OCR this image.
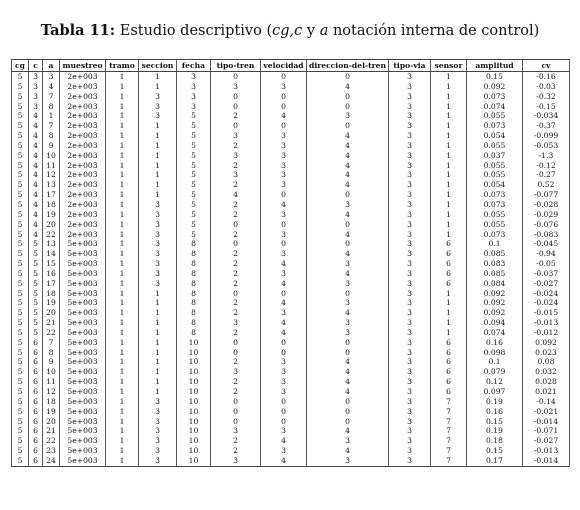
Tabla 11: Estudio descriptivo (cg,c y a notación interna de control)
cg	c	a	muestreo	tramo	seccion	fecha	tipo-tren	velocidad	direccion-del-tren	tipo-via	sensor	amplitud	cv
5	3	3	2e+003	1	1	3	0	0	0	3	1	0.15	-0.16
5	3	4	2e+003	1	1	3	3	3	4	3	1	0.092	-0.03
5	3	7	2e+003	1	3	3	0	0	0	3	1	0.073	-0.32
5	3	8	2e+003	1	3	3	0	0	0	3	1	0.074	-0.15
5	4	1	2e+003	1	3	5	2	4	3	3	1	0.055	-0.034
5	4	7	2e+003	1	1	5	0	0	0	3	1	0.073	-0.37
5	4	8	2e+003	1	1	5	3	3	4	3	1	0.054	-0.099
5	4	9	2e+003	1	1	5	2	3	4	3	1	0.055	-0.053
5	4	10	2e+003	1	1	5	3	3	4	3	1	0.037	-1.3
5	4	11	2e+003	1	1	5	2	3	4	3	1	0.055	-0.12
5	4	12	2e+003	1	1	5	3	3	4	3	1	0.055	-0.27
5	4	13	2e+003	1	1	5	2	3	4	3	1	0.054	0.52
5	4	17	2e+003	1	1	5	4	0	0	3	1	0.073	-0.077
5	4	18	2e+003	1	3	5	2	4	3	3	1	0.073	-0.028
5	4	19	2e+003	1	3	5	2	3	4	3	1	0.055	-0.029
5	4	20	2e+003	1	3	5	0	0	0	3	1	0.055	-0.076
5	4	22	2e+003	1	3	5	2	3	4	3	1	0.073	-0.083
5	5	13	5e+003	1	3	8	0	0	0	3	6	0.1	-0.045
5	5	14	5e+003	1	3	8	2	3	4	3	6	0.085	-0.94
5	5	15	5e+003	1	3	8	2	4	3	3	6	0.083	-0.05
5	5	16	5e+003	1	3	8	2	3	4	3	6	0.085	-0.037
5	5	17	5e+003	1	3	8	2	4	3	3	6	0.084	-0.027
5	5	18	5e+003	1	1	8	0	0	0	3	1	0.092	-0.024
5	5	19	5e+003	1	1	8	2	4	3	3	1	0.092	-0.024
5	5	20	5e+003	1	1	8	2	3	4	3	1	0.092	-0.015
5	5	21	5e+003	1	1	8	3	4	3	3	1	0.094	-0.013
5	5	22	5e+003	1	1	8	2	4	3	3	1	0.074	-0.012
5	6	7	5e+003	1	1	10	0	0	0	3	6	0.16	0.092
5	6	8	5e+003	1	1	10	0	0	0	3	6	0.098	0.023
5	6	9	5e+003	1	1	10	2	3	4	3	6	0.1	0.08
5	6	10	5e+003	1	1	10	3	3	4	3	6	0.079	0.032
5	6	11	5e+003	1	1	10	2	3	4	3	6	0.12	0.028
5	6	12	5e+003	1	1	10	2	3	4	3	6	0.097	0.021
5	6	18	5e+003	1	3	10	0	0	0	3	7	0.19	-0.14
5	6	19	5e+003	1	3	10	0	0	0	3	7	0.16	-0.021
5	6	20	5e+003	1	3	10	0	0	0	3	7	0.15	-0.014
5	6	21	5e+003	1	3	10	3	3	4	3	7	0.19	-0.071
5	6	22	5e+003	1	3	10	2	4	3	3	7	0.18	-0.027
5	6	23	5e+003	1	3	10	2	3	4	3	7	0.15	-0.013
5	6	24	5e+003	1	3	10	3	4	3	3	7	0.17	-0.014
